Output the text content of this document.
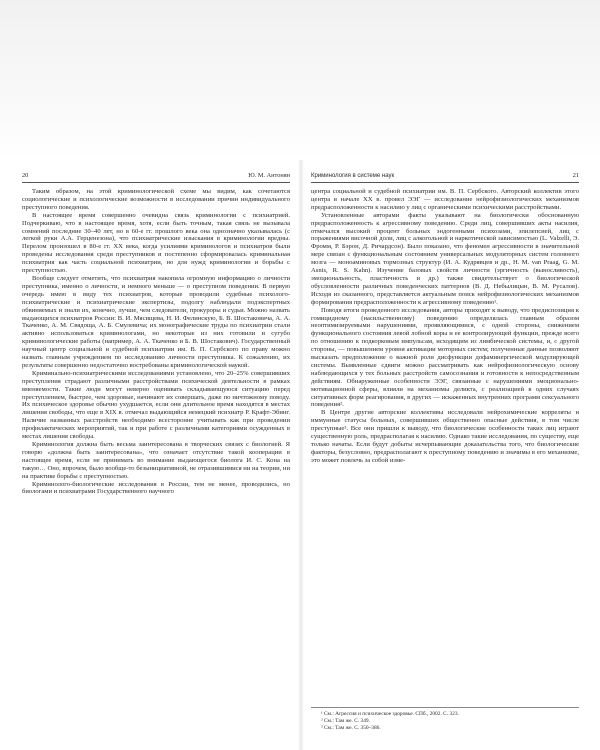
20	Ю. М. Антонян

Таким образом, на этой криминологической схеме мы видим, как сочетаются социологические и психологические возможности в исследовании причин индивидуального преступного поведения.

В настоящее время совершенно очевидна связь криминологии с психиатрией. Подчеркиваю, что в настоящее время, хотя, если быть точным, такая связь не вызывала сомнений последние 30–40 лет, но в 60-е гг. прошлого века она однозначно указывалась (с легкой руки А.А. Герценезона), что психиатрические изыскания в криминологии вредны. Перелом произошел в 80-е гг. ХХ века, когда усилиями криминологов и психиатров были проведены исследования среди преступников и постепенно сформировалась криминальная психиатрия как часть социальной психиатрии, но для нужд криминологии и борьбы с преступностью.

Вообще следует отметить, что психиатрия накопила огромную информацию о личности преступника, именно о личности, и немного меньше — о преступном поведении. В первую очередь имею в виду тех психиатров, которые проводили судебные психолого-психиатрические и психиатрические экспертизы, подолгу наблюдали подэкспертных обвиняемых и знали их, конечно, лучше, чем следователи, прокуроры и судьи. Можно назвать выдающихся психиатров России: В. И. Мясищева, Н. И. Фелинскую, Б. В. Шостаковича, А. А. Ткаченко, А. М. Свядоща, А. Б. Смулевича; их монографические труды по психиатрии стали активно использоваться криминологами, но некоторые из них готовили и сугубо криминологические работы (например, А. А. Ткаченко и Б. В. Шостакович). Государственный научный центр социальной и судебной психиатрии им. В. П. Сербского по праву можно назвать главным учреждением по исследованию личности преступника. К сожалению, их результаты совершенно недостаточно востребованы криминологической наукой.

Криминально-психиатрическими исследованиями установлено, что 20–25% совершивших преступления страдают различными расстройствами психической деятельности в рамках вменяемости. Такие люди могут неверно оценивать складывающуюся ситуацию перед преступлением, быстрее, чем здоровые, начинают их совершать, даже по ничтожному поводу. Их психическое здоровье обычно ухудшается, если они длительное время находятся в местах лишения свободы, что еще в XIX в. отмечал выдающийся немецкий психиатр Р. Крафт-Эбинг. Наличие названных расстройств необходимо всесторонне учитывать как при проведении профилактических мероприятий, так и при работе с различными категориями осужденных в местах лишения свободы.

Криминология должна быть весьма заинтересована в творческих связях с биологией. Я говорю «должна быть заинтересована», что означает отсутствие такой кооперации в настоящее время, если не принимать во внимание выдающегося биолога И. С. Кона на такую… Оно, впрочем, было вообще-то безынициативной, не отразившимися ни на теории, ни на практике борьбы с преступностью.

Криминолого-биологические исследования в России, тем не менее, проводились, но биологами и психиатрами Государственного научного

Криминология в системе наук	21

центра социальной и судебной психиатрии им. В. П. Сербского. Авторский коллектив этого центра в начале XX в. провел ЭЭГ — исследование нейрофизиологических механизмов предрасположенности к насилию у лиц с органическими психическими расстройствами.

Установленные авторами факты указывают на биологически обоснованную предрасположенность к агрессивному поведению. Среди лиц, совершивших акты насилия, отмечался высокий процент больных эндогенными психозами, эпилепсией, лиц с поражениями височной доли, лиц с алкогольной и наркотической зависимостью (L. Valzelli, Э. Фромм, Р. Бэрон, Д. Ричардсон). Было показано, что феномен агрессивности в значительной мере связан с функциональным состоянием универсальных модуляторных систем головного мозга — моноаминовых тормозных структур (И. А. Кудрявцев и др., H. M. van Praag, G. M. Asnis, R. S. Kahn). Изучение базовых свойств личности (эргичность (выносливость), эмоциональность, пластичность и др.) также свидетельствует о биологической обусловленности различных поведенческих паттернов (В. Д. Небылицын, В. М. Русалов). Исходя из сказанного, представляется актуальным поиск нейрофизиологических механизмов формирования предрасположенности к агрессивному поведению¹.

Поводя итоги проведенного исследования, авторы приходят к выводу, что предиспозиция к гомицидному (насильственному) поведению определялась главным образом неоптимизируемыми нарушениями, проявляющимися, с одной стороны, снижением функционального состояния левой лобной коры и ее контролирующей функции, прежде всего по отношению к подкорковым импульсам, исходящим из лимбической системы, и, с другой стороны, — повышением уровня активации моторных систем; полученные данные позволяют высказать предположение о важной роли дисфункции дофаминергической модулирующей системы. Выявленные сдвиги можно рассматривать как нейрофизиологическую основу наблюдающихся у тех больных расстройств самосознания и готовности к непосредственным действиям. Обнаруженные особенности ЭЭГ, связанные с нарушениями эмоционально-мотивационной сферы, влияли на механизмы деликта, с реализацией в одних случаях ситуативных форм реагирования, в других — искаженных внутренних программ сексуального поведения².

В Центре другие авторские коллективы исследовали нейрохимические корреляты и иммунные статусы больных, совершивших общественно опасные действия, в том числе преступные³. Все они пришли к выводу, что биологические особенности таких лиц играют существенную роль, предрасполагая к насилию. Однако такие исследования, по существу, еще только начаты. Если будут добыты исчерпывающие доказательства того, что биологические факторы, безусловно, предрасполагают к преступному поведению и значимы в его механизме, это может повлечь за собой изме-

¹ См.: Агрессия и психическое здоровье. СПб., 2002. С. 323.

² См.: Там же. С. 349.

³ См.: Там же. С. 350–386.
